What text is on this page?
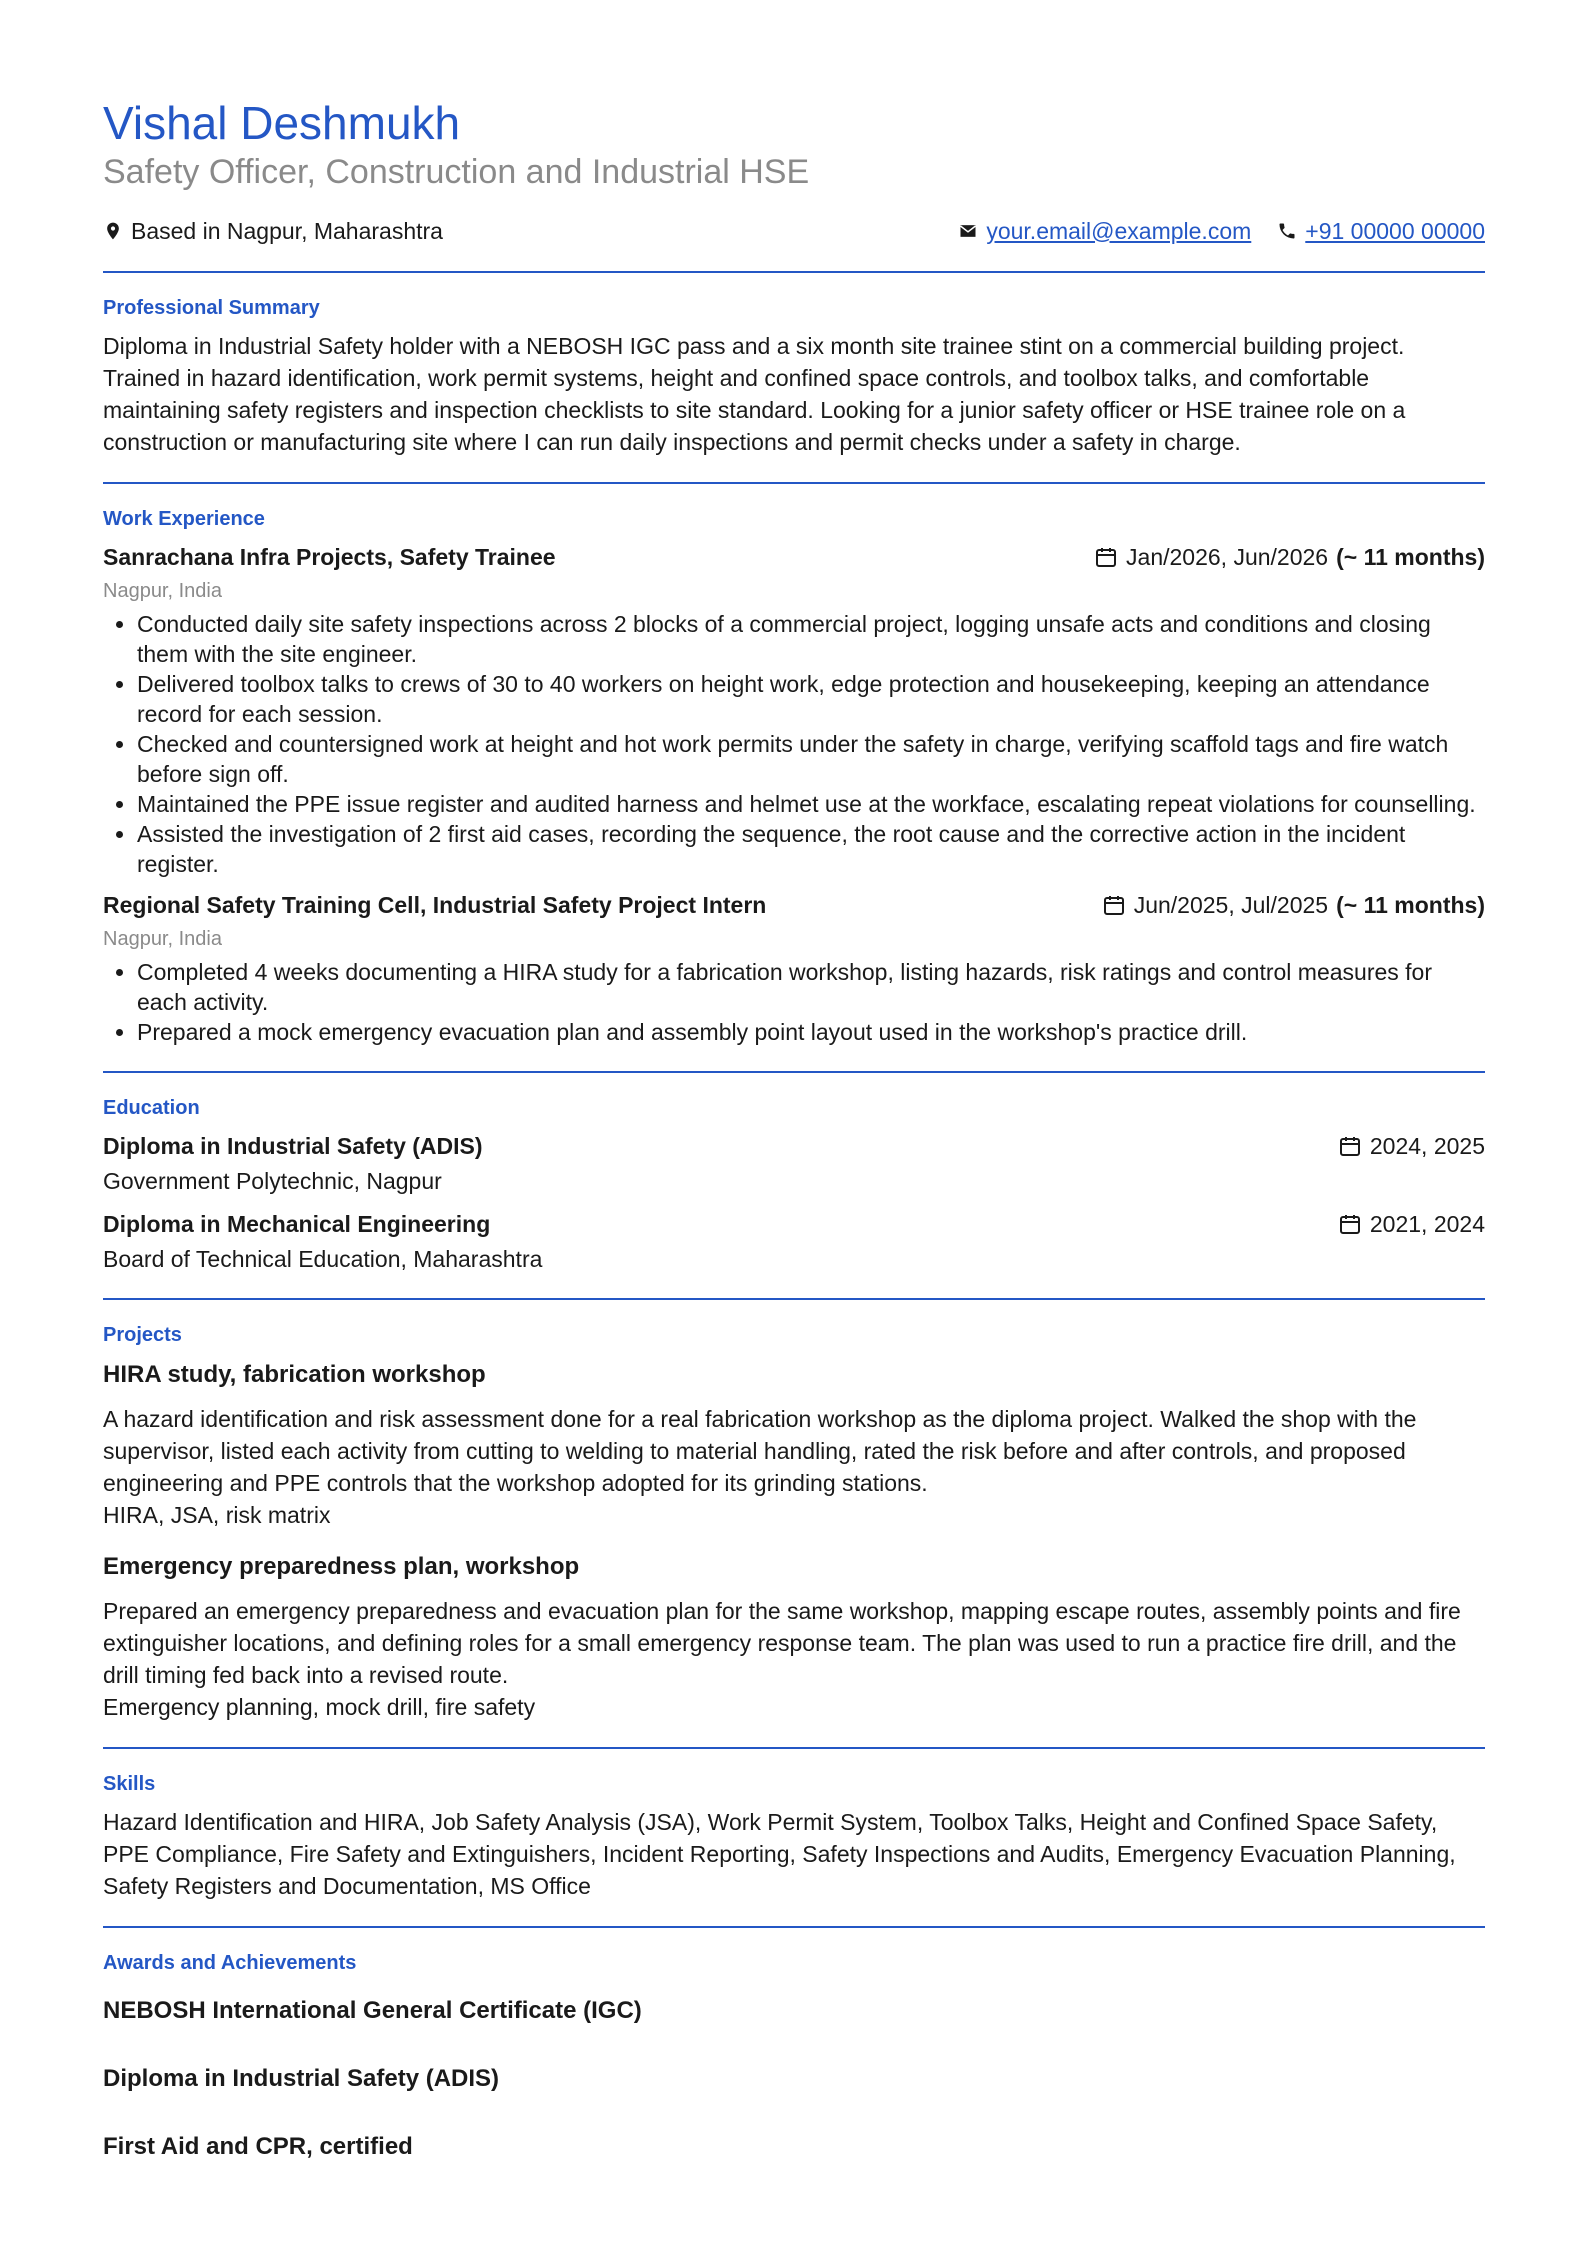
Vishal Deshmukh
Safety Officer, Construction and Industrial HSE
Based in Nagpur, Maharashtra	your.email@example.com +91 00000 00000
Professional Summary

Diploma in Industrial Safety holder with a NEBOSH IGC pass and a six month site trainee stint on a commercial building project. Trained in hazard identification, work permit systems, height and confined space controls, and toolbox talks, and comfortable maintaining safety registers and inspection checklists to site standard. Looking for a junior safety officer or HSE trainee role on a construction or manufacturing site where I can run daily inspections and permit checks under a safety in charge.

Work Experience
Sanrachana Infra Projects, Safety Trainee	Jan/2026, Jun/2026 (~ 11 months)
Nagpur, India
• Conducted daily site safety inspections across 2 blocks of a commercial project, logging unsafe acts and conditions and closing them with the site engineer.
• Delivered toolbox talks to crews of 30 to 40 workers on height work, edge protection and housekeeping, keeping an attendance record for each session.
• Checked and countersigned work at height and hot work permits under the safety in charge, verifying scaffold tags and fire watch before sign off.
• Maintained the PPE issue register and audited harness and helmet use at the workface, escalating repeat violations for counselling.
• Assisted the investigation of 2 first aid cases, recording the sequence, the root cause and the corrective action in the incident register.
Regional Safety Training Cell, Industrial Safety Project Intern	Jun/2025, Jul/2025 (~ 11 months)
Nagpur, India
• Completed 4 weeks documenting a HIRA study for a fabrication workshop, listing hazards, risk ratings and control measures for each activity.
• Prepared a mock emergency evacuation plan and assembly point layout used in the workshop's practice drill.
Education
Diploma in Industrial Safety (ADIS)	2024, 2025
Government Polytechnic, Nagpur
Diploma in Mechanical Engineering	2021, 2024
Board of Technical Education, Maharashtra
Projects
HIRA study, fabrication workshop

A hazard identification and risk assessment done for a real fabrication workshop as the diploma project. Walked the shop with the supervisor, listed each activity from cutting to welding to material handling, rated the risk before and after controls, and proposed engineering and PPE controls that the workshop adopted for its grinding stations.

HIRA, JSA, risk matrix

Emergency preparedness plan, workshop

Prepared an emergency preparedness and evacuation plan for the same workshop, mapping escape routes, assembly points and fire extinguisher locations, and defining roles for a small emergency response team. The plan was used to run a practice fire drill, and the drill timing fed back into a revised route.

Emergency planning, mock drill, fire safety

Skills

Hazard Identification and HIRA, Job Safety Analysis (JSA), Work Permit System, Toolbox Talks, Height and Confined Space Safety, PPE Compliance, Fire Safety and Extinguishers, Incident Reporting, Safety Inspections and Audits, Emergency Evacuation Planning, Safety Registers and Documentation, MS Office

Awards and Achievements
NEBOSH International General Certificate (IGC)
Diploma in Industrial Safety (ADIS)
First Aid and CPR, certified
